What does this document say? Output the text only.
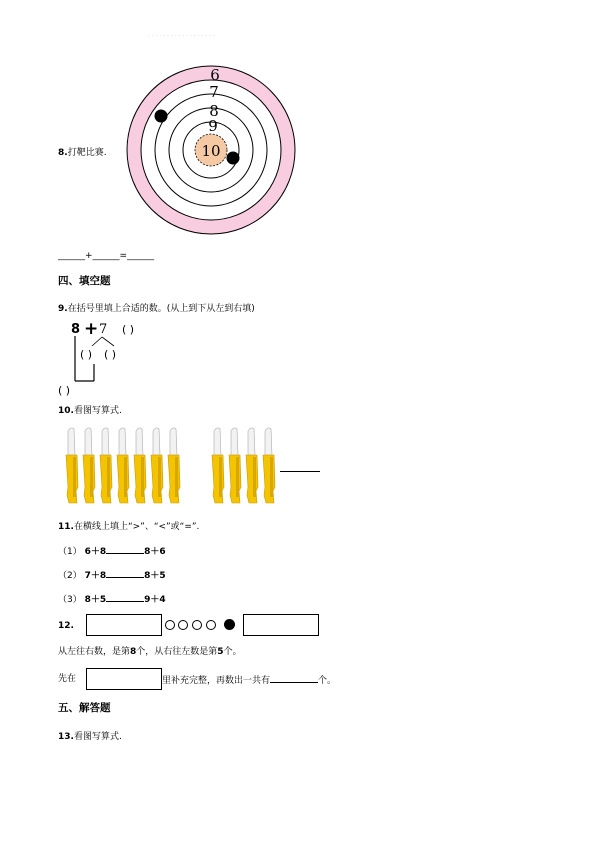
· · · · · · · · · · · · · · · · · ·
6
7
8
9
10
8.打靶比赛.
______+______=______
四、填空题
9.在括号里填上合适的数。(从上到下从左到右填)
8 + 7 ( )
( ) ( )
( )
10.看图写算式.
11.在横线上填上“>”、“<”或“=”.
（1） 6＋8	8＋6
（2） 7＋8	8＋5
（3） 8＋5	9＋4
12.
从左往右数，是第8个，从右往左数是第5个。
先在	里补充完整，再数出一共有	个。
五、解答题
13.看图写算式.
